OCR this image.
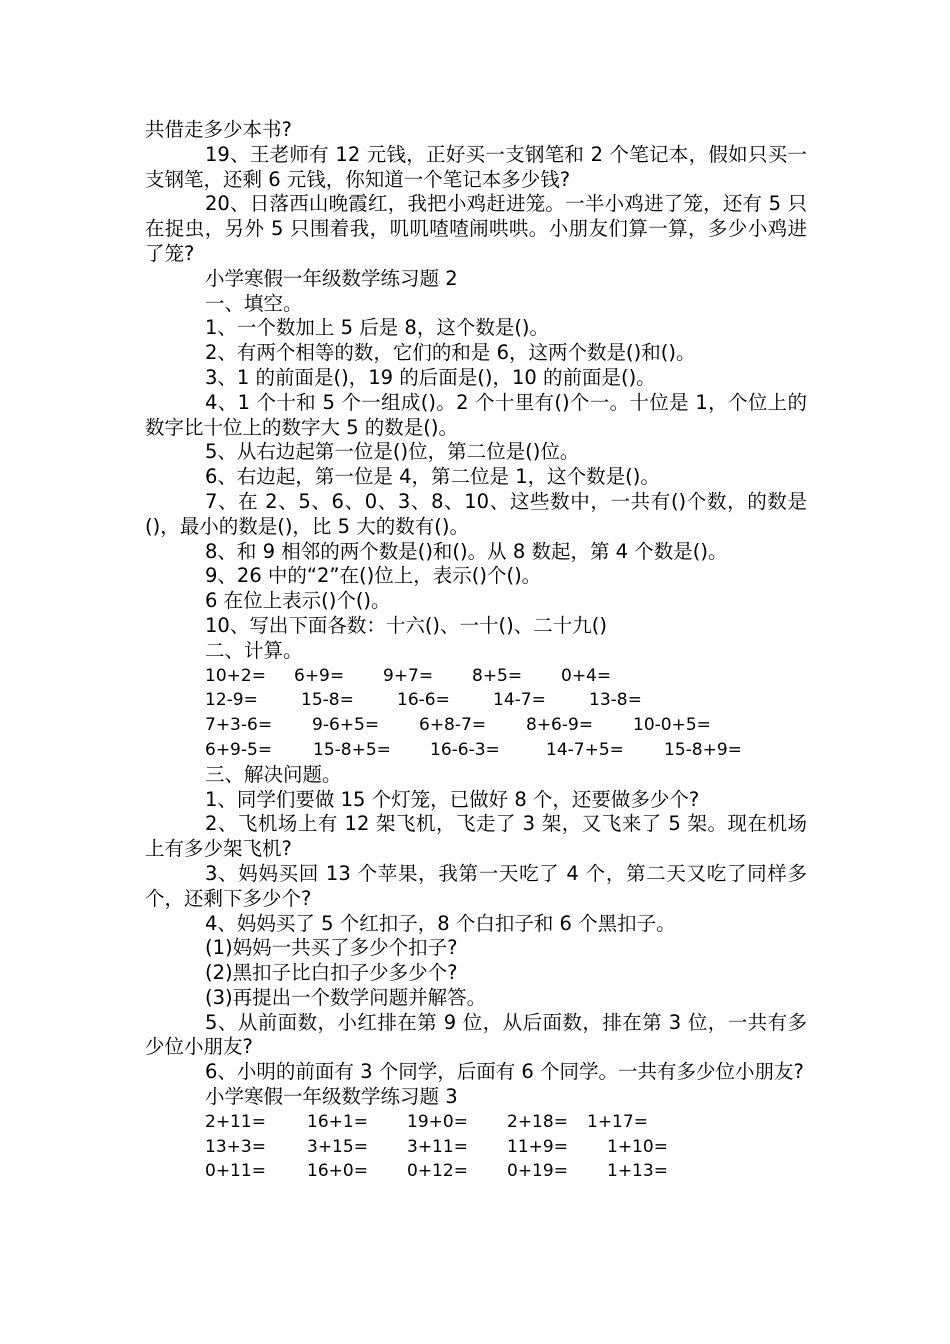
共借走多少本书?
19、王老师有 12 元钱，正好买一支钢笔和 2 个笔记本，假如只买一支钢笔，还剩 6 元钱，你知道一个笔记本多少钱?
20、日落西山晚霞红，我把小鸡赶进笼。一半小鸡进了笼，还有 5 只在捉虫，另外 5 只围着我，叽叽喳喳闹哄哄。小朋友们算一算，多少小鸡进了笼?
小学寒假一年级数学练习题 2
一、填空。
1、一个数加上 5 后是 8，这个数是()。
2、有两个相等的数，它们的和是 6，这两个数是()和()。
3、1 的前面是()，19 的后面是()，10 的前面是()。
4、1 个十和 5 个一组成()。2 个十里有()个一。十位是 1，个位上的数字比十位上的数字大 5 的数是()。
5、从右边起第一位是()位，第二位是()位。
6、右边起，第一位是 4，第二位是 1，这个数是()。
7、在 2、5、6、0、3、8、10、这些数中，一共有()个数，的数是()，最小的数是()，比 5 大的数有()。
8、和 9 相邻的两个数是()和()。从 8 数起，第 4 个数是()。
9、26 中的“2”在()位上，表示()个()。
6 在位上表示()个()。
10、写出下面各数：十六()、一十()、二十九()
二、计算。
10+2=	6+9=	9+7=	8+5=	0+4=
12-9=	15-8=	16-6=	14-7=	13-8=
7+3-6=	9-6+5=	6+8-7=	8+6-9=	10-0+5=
6+9-5=	15-8+5=	16-6-3=	14-7+5=	15-8+9=
三、解决问题。
1、同学们要做 15 个灯笼，已做好 8 个，还要做多少个?
2、飞机场上有 12 架飞机，飞走了 3 架，又飞来了 5 架。现在机场上有多少架飞机?
3、妈妈买回 13 个苹果，我第一天吃了 4 个，第二天又吃了同样多个，还剩下多少个?
4、妈妈买了 5 个红扣子，8 个白扣子和 6 个黑扣子。
(1)妈妈一共买了多少个扣子?
(2)黑扣子比白扣子少多少个?
(3)再提出一个数学问题并解答。
5、从前面数，小红排在第 9 位，从后面数，排在第 3 位，一共有多少位小朋友?
6、小明的前面有 3 个同学，后面有 6 个同学。一共有多少位小朋友?
小学寒假一年级数学练习题 3
2+11=	16+1=	19+0=	2+18=	1+17=
13+3=	3+15=	3+11=	11+9=	1+10=
0+11=	16+0=	0+12=	0+19=	1+13=
